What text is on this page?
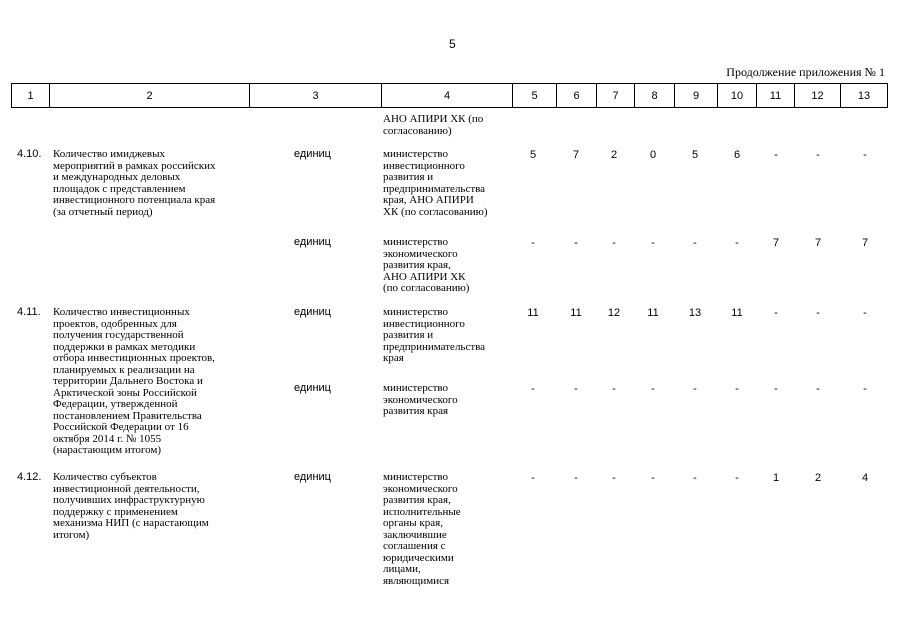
5
Продолжение приложения № 1
1	2	3	4	5	6	7	8	9	10	11	12	13
АНО АПИРИ ХК (по
согласованию)
4.10. Количество имиджевых
мероприятий в рамках российских
и международных деловых
площадок с представлением
инвестиционного потенциала края
(за отчетный период)
единиц	министерство
инвестиционного
развития и
предпринимательства
края, АНО АПИРИ
ХК (по согласованию)
5	7	2	0	5	6	-	-	-
единиц	министерство
экономического
развития края,
АНО АПИРИ ХК
(по согласованию)
-	-	-	-	-	-	7	7	7
4.11. Количество инвестиционных
проектов, одобренных для
получения государственной
поддержки в рамках методики
отбора инвестиционных проектов,
планируемых к реализации на
территории Дальнего Востока и
Арктической зоны Российской
Федерации, утвержденной
постановлением Правительства
Российской Федерации от 16
октября 2014 г. № 1055
(нарастающим итогом)
единиц	министерство
инвестиционного
развития и
предпринимательства
края
11	11	12	11	13	11	-	-	-
единиц	министерство
экономического
развития края
-	-	-	-	-	-	-	-	-
4.12. Количество субъектов
инвестиционной деятельности,
получивших инфраструктурную
поддержку с применением
механизма НИП (с нарастающим
итогом)
единиц	министерство
экономического
развития края,
исполнительные
органы края,
заключившие
соглашения с
юридическими
лицами,
являющимися
-	-	-	-	-	-	1	2	4
